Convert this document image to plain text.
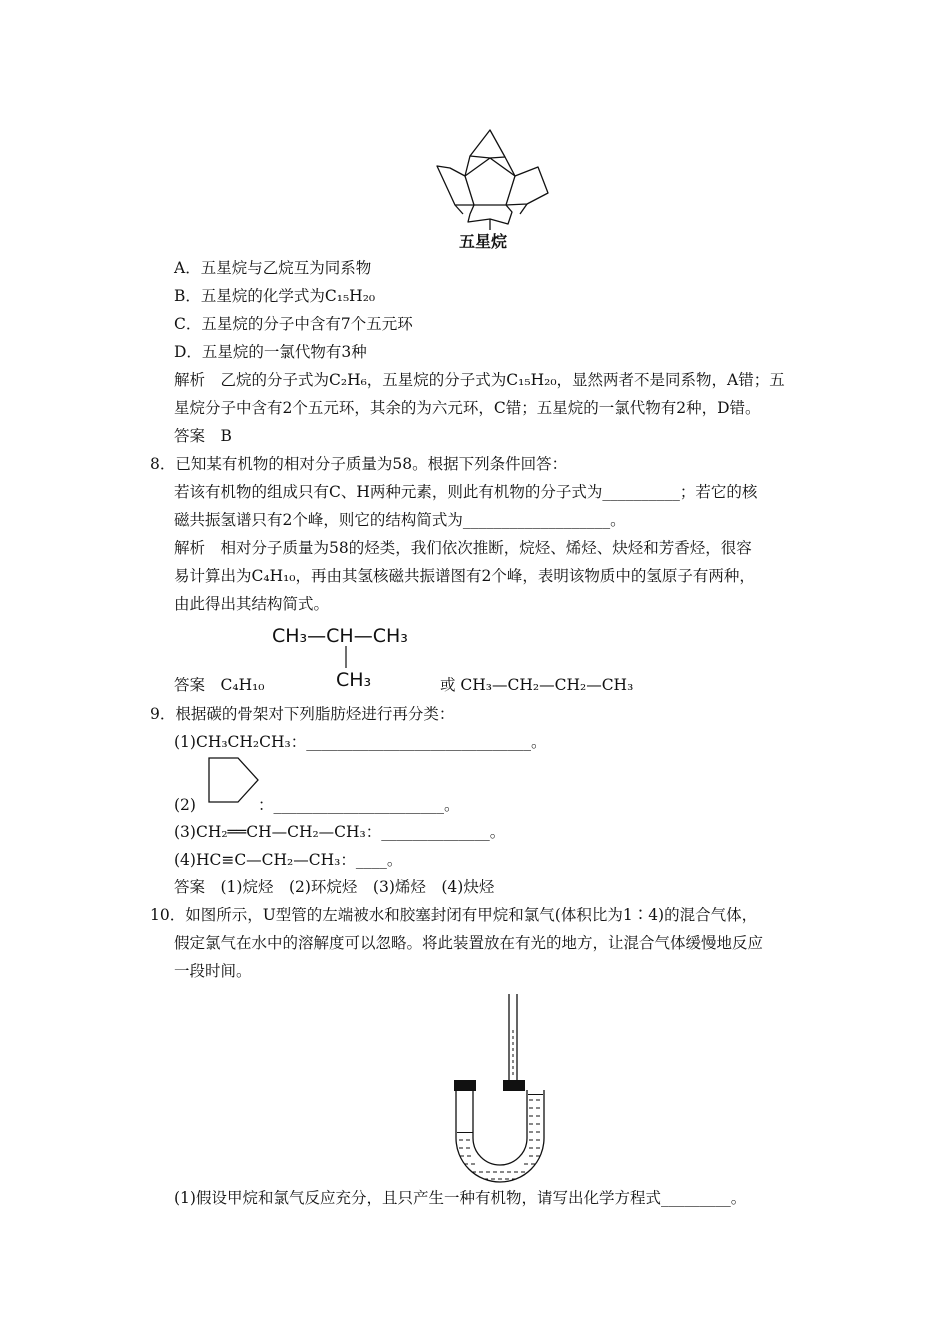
五星烷
A．五星烷与乙烷互为同系物
B．五星烷的化学式为C₁₅H₂₀
C．五星烷的分子中含有7个五元环
D．五星烷的一氯代物有3种
解析　乙烷的分子式为C₂H₆，五星烷的分子式为C₁₅H₂₀，显然两者不是同系物，A错；五
星烷分子中含有2个五元环，其余的为六元环，C错；五星烷的一氯代物有2种，D错。
答案　B
8．已知某有机物的相对分子质量为58。根据下列条件回答：
若该有机物的组成只有C、H两种元素，则此有机物的分子式为__________；若它的核
磁共振氢谱只有2个峰，则它的结构简式为___________________。
解析　相对分子质量为58的烃类，我们依次推断，烷烃、烯烃、炔烃和芳香烃，很容
易计算出为C₄H₁₀，再由其氢核磁共振谱图有2个峰，表明该物质中的氢原子有两种，
由此得出其结构简式。
CH₃—CH—CH₃
CH₃
答案　C₄H₁₀	或 CH₃—CH₂—CH₂—CH₃
9．根据碳的骨架对下列脂肪烃进行再分类：
(1)CH₃CH₂CH₃：_____________________________。
(2)	：______________________。
(3)CH₂══CH—CH₂—CH₃：______________。
(4)HC≡C—CH₂—CH₃：____。
答案　(1)烷烃　(2)环烷烃　(3)烯烃　(4)炔烃
10．如图所示，U型管的左端被水和胶塞封闭有甲烷和氯气(体积比为1∶4)的混合气体，
假定氯气在水中的溶解度可以忽略。将此装置放在有光的地方，让混合气体缓慢地反应
一段时间。
(1)假设甲烷和氯气反应充分，且只产生一种有机物，请写出化学方程式_________。
